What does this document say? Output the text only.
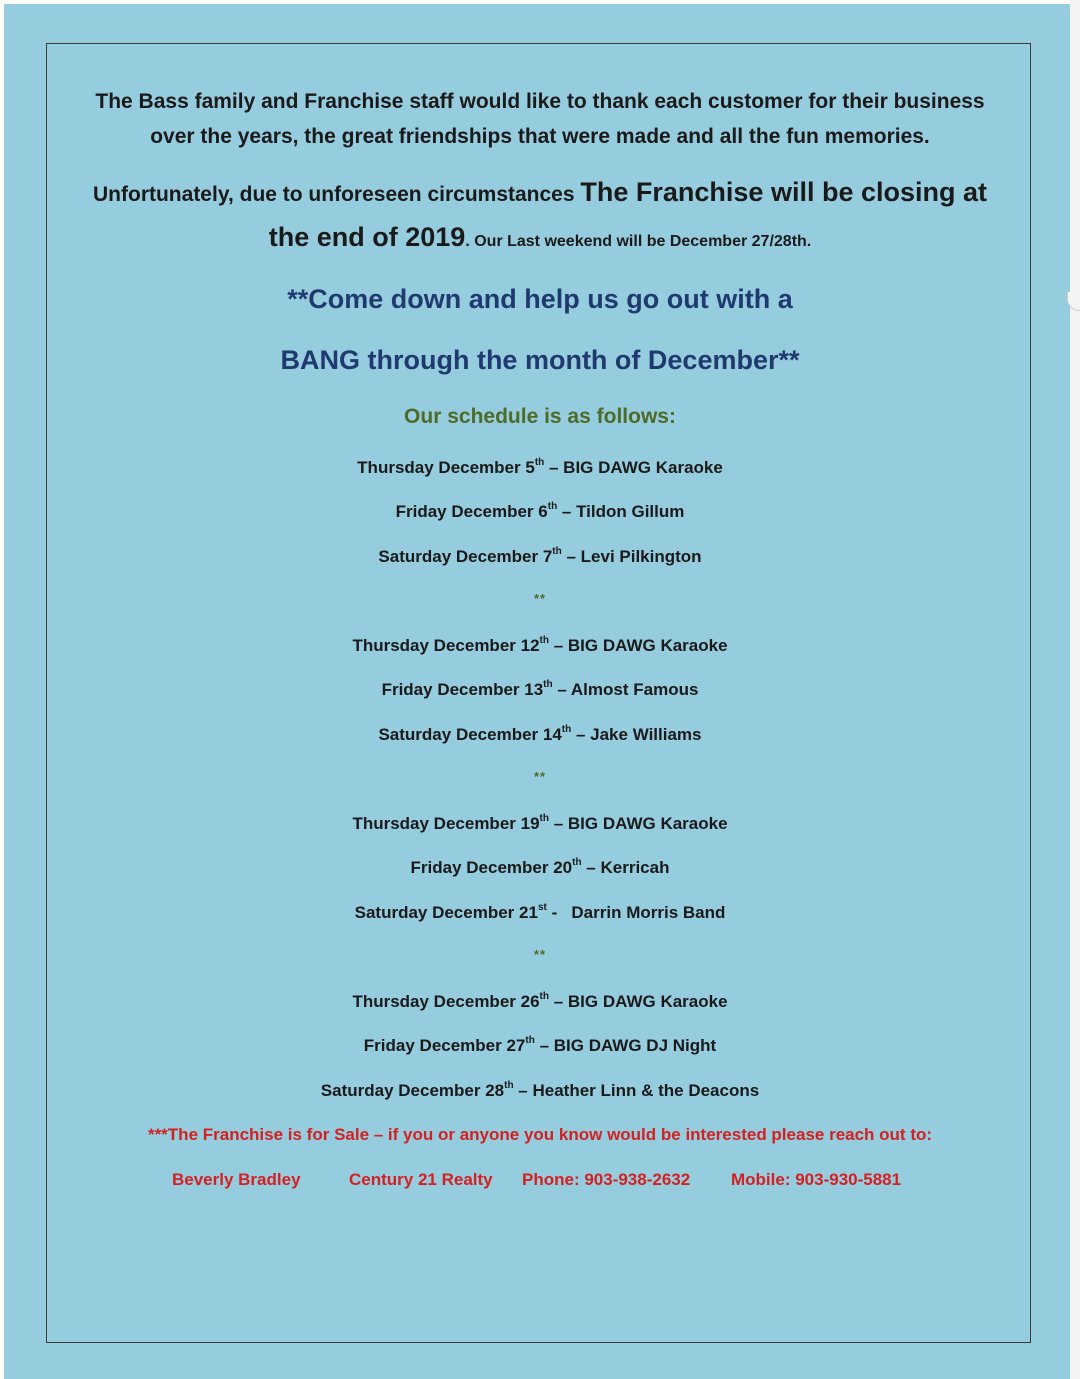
The Bass family and Franchise staff would like to thank each customer for their business
over the years, the great friendships that were made and all the fun memories.
Unfortunately, due to unforeseen circumstances The Franchise will be closing at
the end of 2019. Our Last weekend will be December 27/28th.
**Come down and help us go out with a
BANG through the month of December**
Our schedule is as follows:
Thursday December 5th – BIG DAWG Karaoke
Friday December 6th – Tildon Gillum
Saturday December 7th – Levi Pilkington
**
Thursday December 12th – BIG DAWG Karaoke
Friday December 13th – Almost Famous
Saturday December 14th – Jake Williams
**
Thursday December 19th – BIG DAWG Karaoke
Friday December 20th – Kerricah
Saturday December 21st -   Darrin Morris Band
**
Thursday December 26th – BIG DAWG Karaoke
Friday December 27th – BIG DAWG DJ Night
Saturday December 28th – Heather Linn & the Deacons
***The Franchise is for Sale – if you or anyone you know would be interested please reach out to:
Beverly Bradley	Century 21 Realty Phone: 903-938-2632 Mobile: 903-930-5881
